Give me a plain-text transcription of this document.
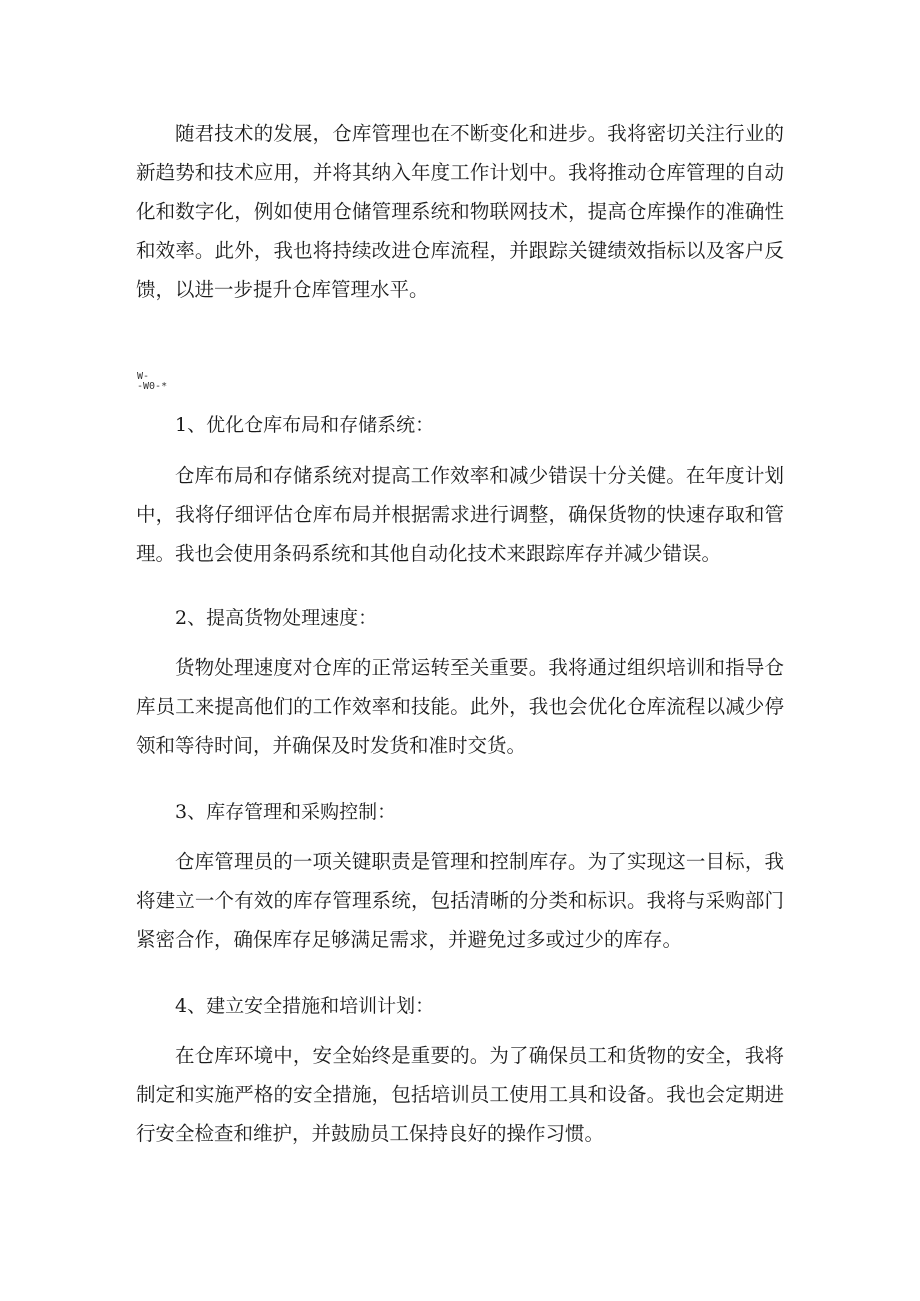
随君技术的发展，仓库管理也在不断变化和进步。我将密切关注行业的新趋势和技术应用，并将其纳入年度工作计划中。我将推动仓库管理的自动化和数字化，例如使用仓储管理系统和物联网技术，提高仓库操作的准确性和效率。此外，我也将持续改进仓库流程，并跟踪关键绩效指标以及客户反馈，以进一步提升仓库管理水平。

W-
-W0-*
1、优化仓库布局和存储系统：

仓库布局和存储系统对提高工作效率和减少错误十分关健。在年度计划中，我将仔细评估仓库布局并根据需求进行调整，确保货物的快速存取和管理。我也会使用条码系统和其他自动化技术来跟踪库存并减少错误。

2、提高货物处理速度：

货物处理速度对仓库的正常运转至关重要。我将通过组织培训和指导仓库员工来提高他们的工作效率和技能。此外，我也会优化仓库流程以减少停领和等待时间，并确保及时发货和准时交货。

3、库存管理和采购控制：

仓库管理员的一项关键职责是管理和控制库存。为了实现这一目标，我将建立一个有效的库存管理系统，包括清晰的分类和标识。我将与采购部门紧密合作，确保库存足够满足需求，并避免过多或过少的库存。

4、建立安全措施和培训计划：

在仓库环境中，安全始终是重要的。为了确保员工和货物的安全，我将制定和实施严格的安全措施，包括培训员工使用工具和设备。我也会定期进行安全检查和维护，并鼓励员工保持良好的操作习惯。
